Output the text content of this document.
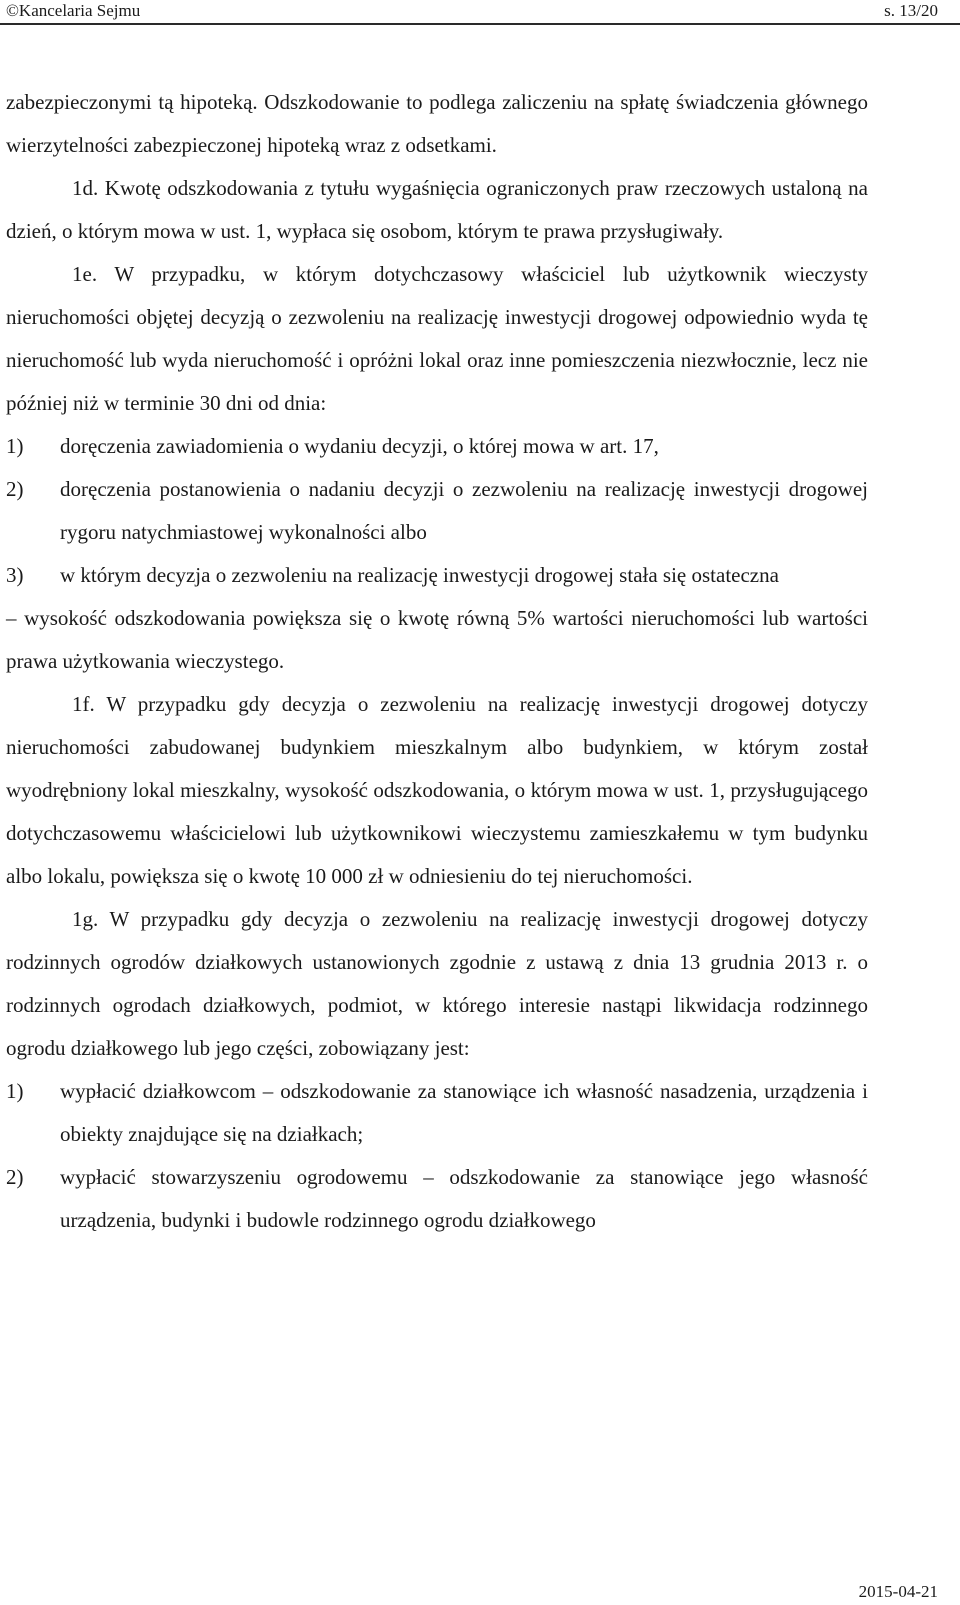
©Kancelaria Sejmu	s. 13/20

zabezpieczonymi tą hipoteką. Odszkodowanie to podlega zaliczeniu na spłatę świadczenia głównego wierzytelności zabezpieczonej hipoteką wraz z odsetkami.

1d. Kwotę odszkodowania z tytułu wygaśnięcia ograniczonych praw rzeczowych ustaloną na dzień, o którym mowa w ust. 1, wypłaca się osobom, którym te prawa przysługiwały.

1e. W przypadku, w którym dotychczasowy właściciel lub użytkownik wieczysty nieruchomości objętej decyzją o zezwoleniu na realizację inwestycji drogowej odpowiednio wyda tę nieruchomość lub wyda nieruchomość i opróżni lokal oraz inne pomieszczenia niezwłocznie, lecz nie później niż w terminie 30 dni od dnia:

1)	doręczenia zawiadomienia o wydaniu decyzji, o której mowa w art. 17,
2)	doręczenia postanowienia o nadaniu decyzji o zezwoleniu na realizację inwestycji drogowej rygoru natychmiastowej wykonalności albo
3)	w którym decyzja o zezwoleniu na realizację inwestycji drogowej stała się ostateczna

– wysokość odszkodowania powiększa się o kwotę równą 5% wartości nieruchomości lub wartości prawa użytkowania wieczystego.

1f. W przypadku gdy decyzja o zezwoleniu na realizację inwestycji drogowej dotyczy nieruchomości zabudowanej budynkiem mieszkalnym albo budynkiem, w którym został wyodrębniony lokal mieszkalny, wysokość odszkodowania, o którym mowa w ust. 1, przysługującego dotychczasowemu właścicielowi lub użytkownikowi wieczystemu zamieszkałemu w tym budynku albo lokalu, powiększa się o kwotę 10 000 zł w odniesieniu do tej nieruchomości.

1g. W przypadku gdy decyzja o zezwoleniu na realizację inwestycji drogowej dotyczy rodzinnych ogrodów działkowych ustanowionych zgodnie z ustawą z dnia 13 grudnia 2013 r. o rodzinnych ogrodach działkowych, podmiot, w którego interesie nastąpi likwidacja rodzinnego ogrodu działkowego lub jego części, zobowiązany jest:

1)	wypłacić działkowcom – odszkodowanie za stanowiące ich własność nasadzenia, urządzenia i obiekty znajdujące się na działkach;
2)	wypłacić stowarzyszeniu ogrodowemu – odszkodowanie za stanowiące jego własność urządzenia, budynki i budowle rodzinnego ogrodu działkowego
2015-04-21
